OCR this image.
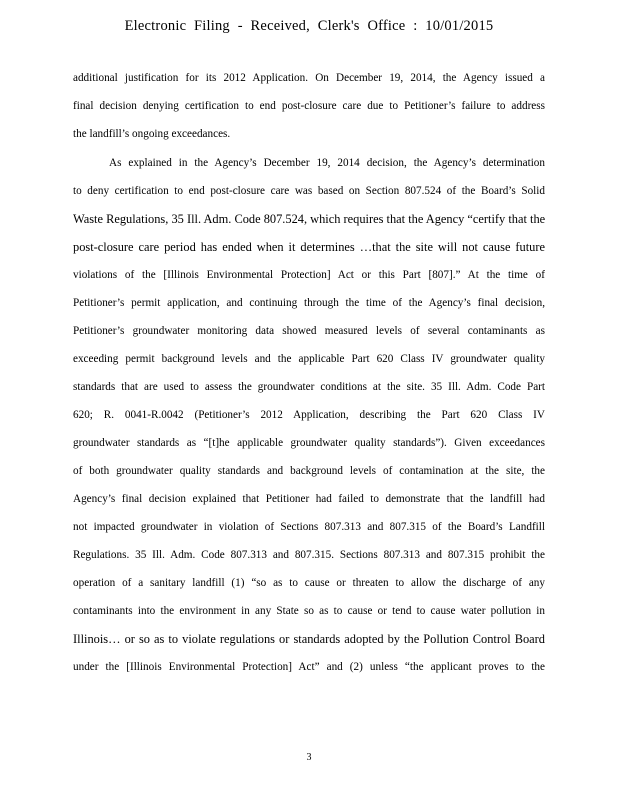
Electronic Filing - Received, Clerk's Office : 10/01/2015
additional justification for its 2012 Application. On December 19, 2014, the Agency issued a
final decision denying certification to end post-closure care due to Petitioner’s failure to address
the landfill’s ongoing exceedances.
As explained in the Agency’s December 19, 2014 decision, the Agency’s determination
to deny certification to end post-closure care was based on Section 807.524 of the Board’s Solid
Waste Regulations, 35 Ill. Adm. Code 807.524, which requires that the Agency “certify that the
post-closure care period has ended when it determines …that the site will not cause future
violations of the [Illinois Environmental Protection] Act or this Part [807].” At the time of
Petitioner’s permit application, and continuing through the time of the Agency’s final decision,
Petitioner’s groundwater monitoring data showed measured levels of several contaminants as
exceeding permit background levels and the applicable Part 620 Class IV groundwater quality
standards that are used to assess the groundwater conditions at the site. 35 Ill. Adm. Code Part
620; R. 0041-R.0042 (Petitioner’s 2012 Application, describing the Part 620 Class IV
groundwater standards as “[t]he applicable groundwater quality standards”). Given exceedances
of both groundwater quality standards and background levels of contamination at the site, the
Agency’s final decision explained that Petitioner had failed to demonstrate that the landfill had
not impacted groundwater in violation of Sections 807.313 and 807.315 of the Board’s Landfill
Regulations. 35 Ill. Adm. Code 807.313 and 807.315. Sections 807.313 and 807.315 prohibit the
operation of a sanitary landfill (1) “so as to cause or threaten to allow the discharge of any
contaminants into the environment in any State so as to cause or tend to cause water pollution in
Illinois… or so as to violate regulations or standards adopted by the Pollution Control Board
under the [Illinois Environmental Protection] Act” and (2) unless “the applicant proves to the
3
